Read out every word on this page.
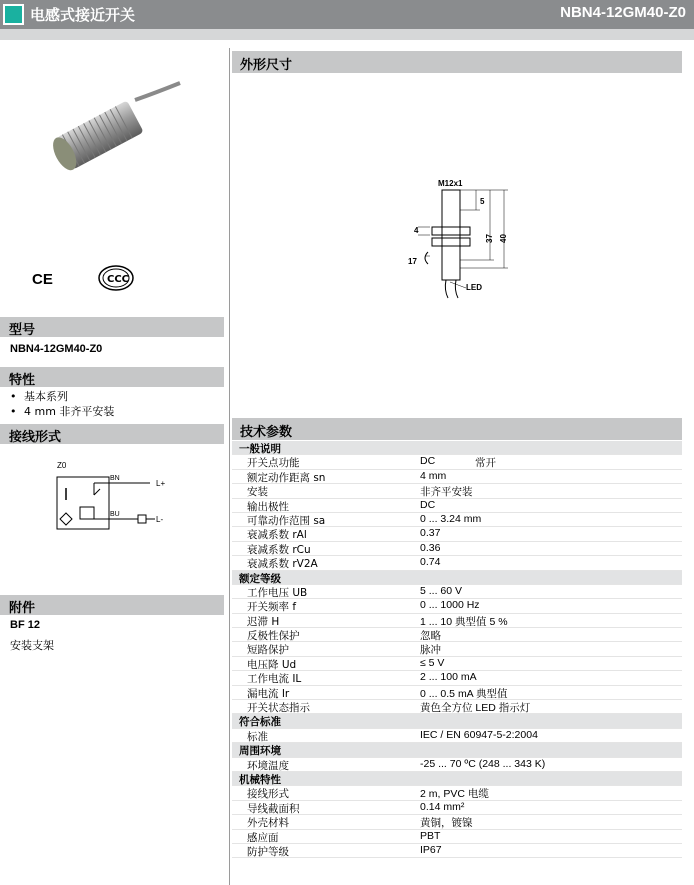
电感式接近开关	NBN4-12GM40-Z0
CE	CCC
型号
NBN4-12GM40-Z0
特性
• 基本系列
• 4 mm 非齐平安装
接线形式
Z0
BN
BU
L+
L-
附件
BF 12
安装支架
外形尺寸
M12x1
5
4
37 40
17
LED
技术参数
一般说明
开关点功能	DC	常开
额定动作距离 sn	4 mm
安装	非齐平安装
输出极性	DC
可靠动作范围 sa	0 ... 3.24 mm
衰减系数 rAl	0.37
衰减系数 rCu	0.36
衰减系数 rV2A	0.74
额定等级
工作电压 UB	5 ... 60 V
开关频率 f	0 ... 1000 Hz
迟滞 H	1 ... 10 典型值 5 %
反极性保护	忽略
短路保护	脉冲
电压降 Ud	≤ 5 V
工作电流 IL	2 ... 100 mA
漏电流 Ir	0 ... 0.5 mA 典型值
开关状态指示	黄色全方位 LED 指示灯
符合标准
标准	IEC / EN 60947-5-2:2004
周围环境
环境温度	-25 ... 70 ºC (248 ... 343 K)
机械特性
接线形式	2 m, PVC 电缆
导线截面积	0.14 mm²
外壳材料	黄铜，镀镍
感应面	PBT
防护等级	IP67
